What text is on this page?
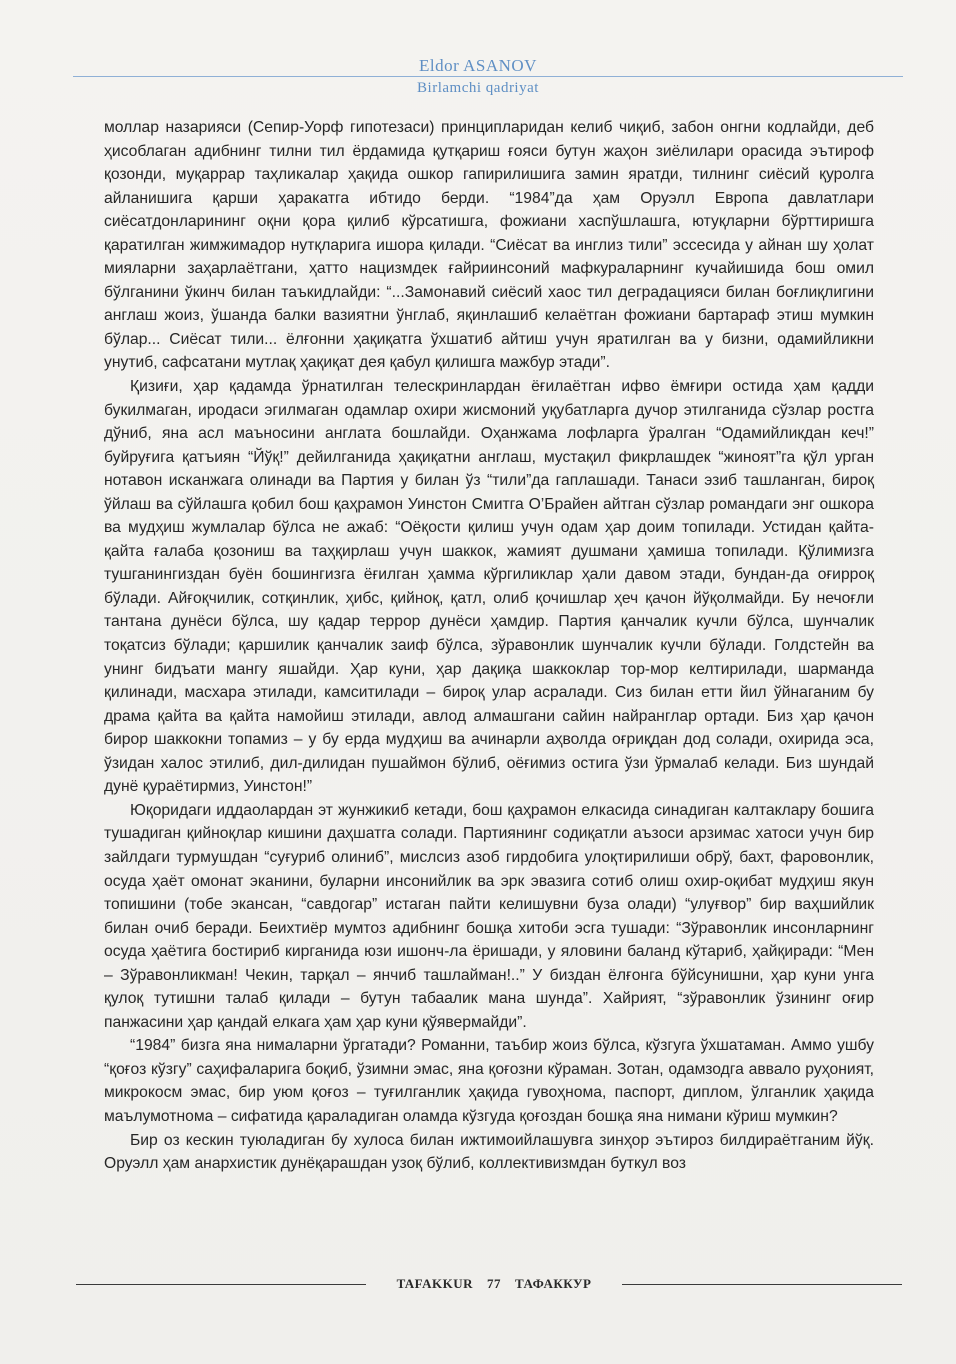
Eldor ASANOV
Birlamchi qadriyat

моллар назарияси (Сепир-Уорф гипотезаси) принципларидан келиб чиқиб, забон онгни кодлайди, деб ҳисоблаган адибнинг тилни тил ёрдамида қутқариш ғояси бутун жаҳон зиёлилари орасида эътироф қозонди, муқаррар таҳликалар ҳақида ошкор гапирилишига замин яратди, тилнинг сиёсий қуролга айланишига қарши ҳаракатга ибтидо берди. “1984”да ҳам Оруэлл Европа давлатлари сиёсатдонларининг оқни қора қилиб кўрсатишга, фожиани хаспўшлашга, ютуқларни бўрттиришга қаратилган жимжимадор нутқларига ишора қилади. “Сиёсат ва инглиз тили” эссесида у айнан шу ҳолат мияларни заҳарлаётгани, ҳатто нацизмдек ғайриинсоний мафкураларнинг кучайишида бош омил бўлганини ўкинч билан таъкидлайди: “...Замонавий сиёсий хаос тил деградацияси билан боғлиқлигини англаш жоиз, ўшанда балки вазиятни ўнглаб, яқинлашиб келаётган фожиани бартараф этиш мумкин бўлар... Сиёсат тили... ёлғонни ҳақиқатга ўхшатиб айтиш учун яратилган ва у бизни, одамийликни унутиб, сафсатани мутлақ ҳақиқат дея қабул қилишга мажбур этади”.

Қизиғи, ҳар қадамда ўрнатилган телескринлардан ёғилаётган ифво ёмғири остида ҳам қадди букилмаган, иродаси эгилмаган одамлар охири жисмоний уқубатларга дучор этилганида сўзлар ростга дўниб, яна асл маъносини англата бошлайди. Оҳанжама лофларга ўралган “Одамийликдан кеч!” буйруғига қатъиян “Йўқ!” дейилганида ҳақиқатни англаш, мустақил фикрлашдек “жиноят”га қўл урган нотавон исканжага олинади ва Партия у билан ўз “тили”да гаплашади. Танаси эзиб ташланган, бироқ ўйлаш ва сўйлашга қобил бош қаҳрамон Уинстон Смитга О’Брайен айтган сўзлар романдаги энг ошкора ва мудҳиш жумлалар бўлса не ажаб: “Оёқости қилиш учун одам ҳар доим топилади. Устидан қайта-қайта ғалаба қозониш ва таҳқирлаш учун шаккок, жамият душмани ҳамиша топилади. Қўлимизга тушганингиздан буён бошингизга ёғилган ҳамма кўргиликлар ҳали давом этади, бундан-да оғирроқ бўлади. Айғоқчилик, сотқинлик, ҳибс, қийноқ, қатл, олиб қочишлар ҳеч қачон йўқолмайди. Бу нечоғли тантана дунёси бўлса, шу қадар террор дунёси ҳамдир. Партия қанчалик кучли бўлса, шунчалик тоқатсиз бўлади; қаршилик қанчалик заиф бўлса, зўравонлик шунчалик кучли бўлади. Голдстейн ва унинг бидъати мангу яшайди. Ҳар куни, ҳар дақиқа шаккоклар тор-мор келтирилади, шарманда қилинади, масхара этилади, камситилади – бироқ улар асралади. Сиз билан етти йил ўйнаганим бу драма қайта ва қайта намойиш этилади, авлод алмашгани сайин найранглар ортади. Биз ҳар қачон бирор шаккокни топамиз – у бу ерда мудҳиш ва ачинарли аҳволда оғриқдан дод солади, охирида эса, ўзидан халос этилиб, дил-дилидан пушаймон бўлиб, оёғимиз остига ўзи ўрмалаб келади. Биз шундай дунё қураётирмиз, Уинстон!”

Юқоридаги иддаолардан эт жунжикиб кетади, бош қаҳрамон елкасида синадиган калтаклару бошига тушадиган қийноқлар кишини даҳшатга солади. Партиянинг содиқатли аъзоси арзимас хатоси учун бир зайлдаги турмушдан “суғуриб олиниб”, мислсиз азоб гирдобига улоқтирилиши обрў, бахт, фаровонлик, осуда ҳаёт омонат эканини, буларни инсонийлик ва эрк эвазига сотиб олиш охир-оқибат мудҳиш якун топишини (тобе экансан, “савдогар” истаган пайти келишувни буза олади) “улуғвор” бир ваҳшийлик билан очиб беради. Беихтиёр мумтоз адибнинг бошқа хитоби эсга тушади: “Зўравонлик инсонларнинг осуда ҳаётига бостириб кирганида юзи ишонч-ла ёришади, у яловини баланд кўтариб, ҳайқиради: “Мен – Зўравонликман! Чекин, тарқал – янчиб ташлайман!..” У биздан ёлғонга бўйсунишни, ҳар куни унга қулоқ тутишни талаб қилади – бутун табаалик мана шунда”. Хайрият, “зўравонлик ўзининг оғир панжасини ҳар қандай елкага ҳам ҳар куни қўявермайди”.

“1984” бизга яна нималарни ўргатади? Романни, таъбир жоиз бўлса, кўзгуга ўхшатаман. Аммо ушбу “қоғоз кўзгу” саҳифаларига боқиб, ўзимни эмас, яна қоғозни кўраман. Зотан, одамзодга аввало руҳоният, микрокосм эмас, бир уюм қоғоз – туғилганлик ҳақида гувоҳнома, паспорт, диплом, ўлганлик ҳақида маълумотнома – сифатида қараладиган оламда кўзгуда қоғоздан бошқа яна нимани кўриш мумкин?

Бир оз кескин туюладиган бу хулоса билан ижтимоийлашувга зинҳор эътироз билдираётганим йўқ. Оруэлл ҳам анархистик дунёқарашдан узоқ бўлиб, коллективизмдан буткул воз

TAFAKKUR 77 ТАФАККУР
